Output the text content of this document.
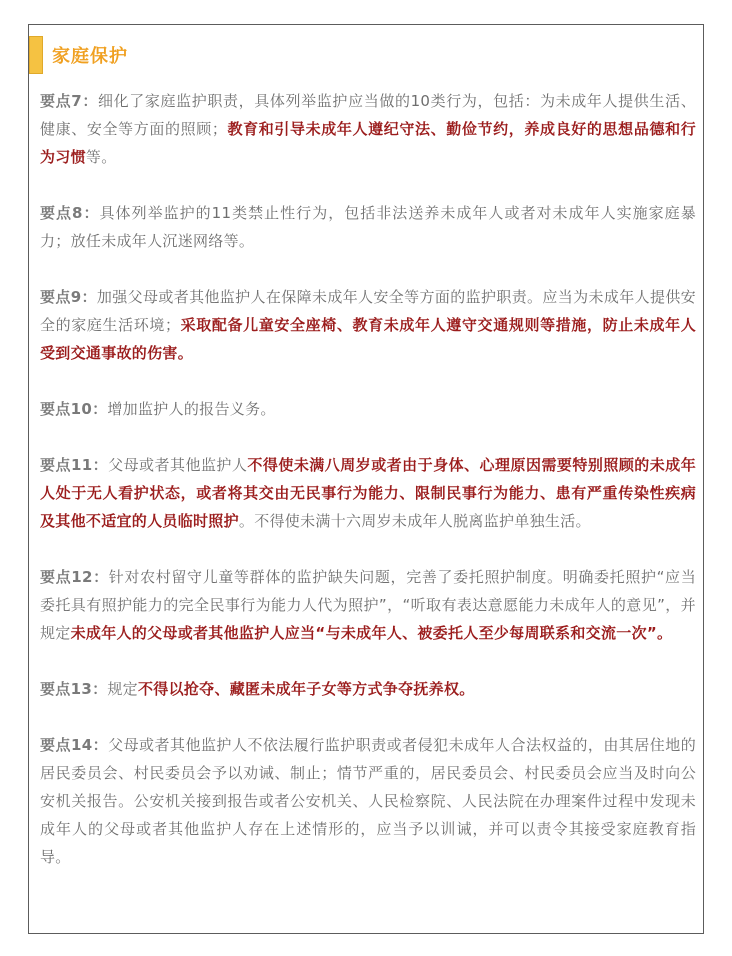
家庭保护

要点7：细化了家庭监护职责，具体列举监护应当做的10类行为，包括：为未成年人提供生活、健康、安全等方面的照顾；教育和引导未成年人遵纪守法、勤俭节约，养成良好的思想品德和行为习惯等。

要点8：具体列举监护的11类禁止性行为，包括非法送养未成年人或者对未成年人实施家庭暴力；放任未成年人沉迷网络等。

要点9：加强父母或者其他监护人在保障未成年人安全等方面的监护职责。应当为未成年人提供安全的家庭生活环境；采取配备儿童安全座椅、教育未成年人遵守交通规则等措施，防止未成年人受到交通事故的伤害。

要点10：增加监护人的报告义务。

要点11：父母或者其他监护人不得使未满八周岁或者由于身体、心理原因需要特别照顾的未成年人处于无人看护状态，或者将其交由无民事行为能力、限制民事行为能力、患有严重传染性疾病及其他不适宜的人员临时照护。不得使未满十六周岁未成年人脱离监护单独生活。

要点12：针对农村留守儿童等群体的监护缺失问题，完善了委托照护制度。明确委托照护“应当委托具有照护能力的完全民事行为能力人代为照护”，“听取有表达意愿能力未成年人的意见”，并规定未成年人的父母或者其他监护人应当“与未成年人、被委托人至少每周联系和交流一次”。

要点13：规定不得以抢夺、藏匿未成年子女等方式争夺抚养权。

要点14：父母或者其他监护人不依法履行监护职责或者侵犯未成年人合法权益的，由其居住地的居民委员会、村民委员会予以劝诫、制止；情节严重的，居民委员会、村民委员会应当及时向公安机关报告。公安机关接到报告或者公安机关、人民检察院、人民法院在办理案件过程中发现未成年人的父母或者其他监护人存在上述情形的，应当予以训诫，并可以责令其接受家庭教育指导。
